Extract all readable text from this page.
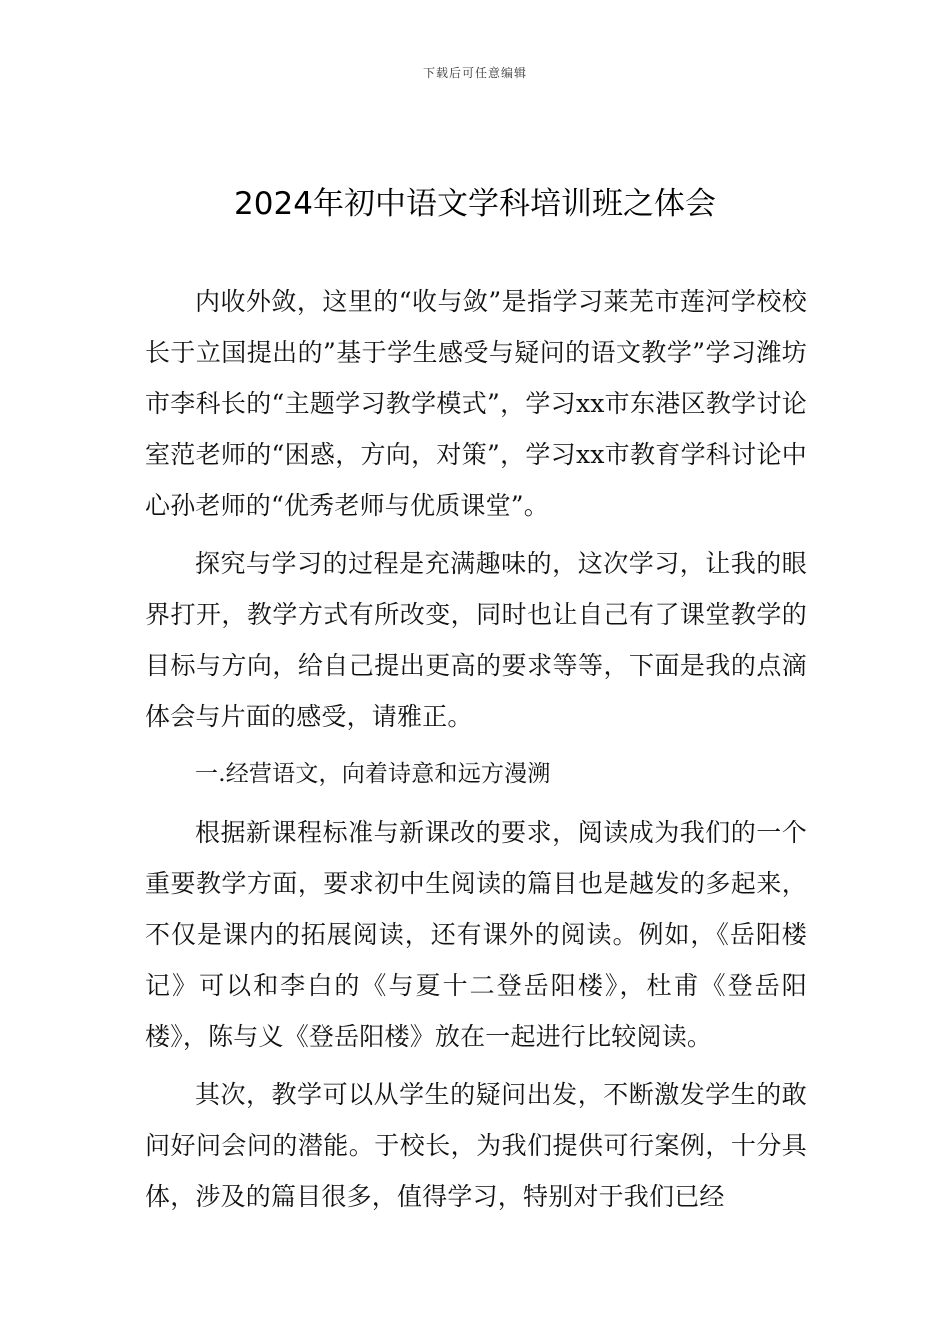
下载后可任意编辑
2024年初中语文学科培训班之体会

内收外敛，这里的“收与敛”是指学习莱芜市莲河学校校长于立国提出的”基于学生感受与疑问的语文教学”学习潍坊市李科长的“主题学习教学模式”，学习xx市东港区教学讨论室范老师的“困惑，方向，对策”，学习xx市教育学科讨论中心孙老师的“优秀老师与优质课堂”。

探究与学习的过程是充满趣味的，这次学习，让我的眼界打开，教学方式有所改变，同时也让自己有了课堂教学的目标与方向，给自己提出更高的要求等等，下面是我的点滴体会与片面的感受，请雅正。

一.经营语文，向着诗意和远方漫溯

根据新课程标准与新课改的要求，阅读成为我们的一个重要教学方面，要求初中生阅读的篇目也是越发的多起来，不仅是课内的拓展阅读，还有课外的阅读。例如，《岳阳楼记》可以和李白的《与夏十二登岳阳楼》，杜甫《登岳阳楼》，陈与义《登岳阳楼》放在一起进行比较阅读。

其次，教学可以从学生的疑问出发，不断激发学生的敢问好问会问的潜能。于校长，为我们提供可行案例，十分具体，涉及的篇目很多，值得学习，特别对于我们已经
